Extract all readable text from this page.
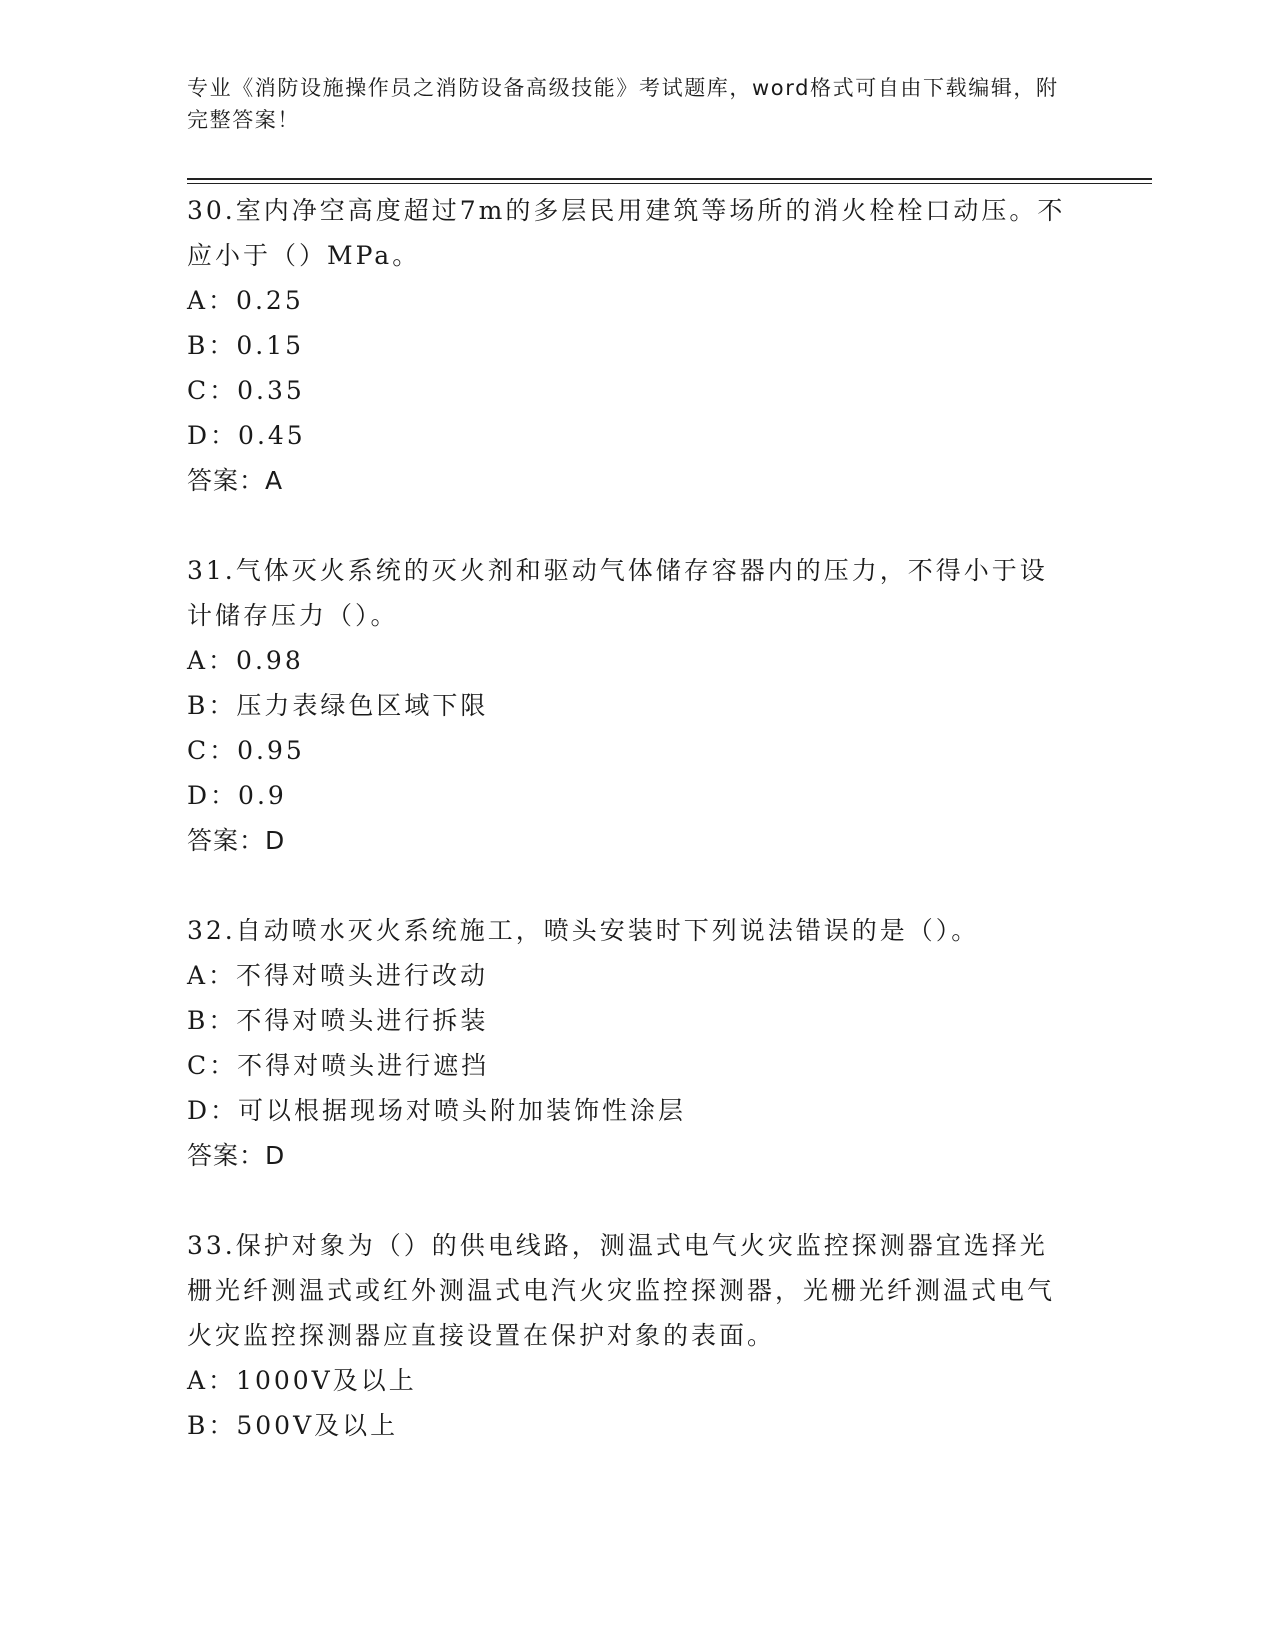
专业《消防设施操作员之消防设备高级技能》考试题库，word格式可自由下载编辑，附完整答案！

30.室内净空高度超过7m的多层民用建筑等场所的消火栓栓口动压。不应小于（）MPa。

A：0.25

B：0.15

C：0.35

D：0.45

答案：A

31.气体灭火系统的灭火剂和驱动气体储存容器内的压力，不得小于设计储存压力（）。

A：0.98

B：压力表绿色区域下限

C：0.95

D：0.9

答案：D

32.自动喷水灭火系统施工，喷头安装时下列说法错误的是（）。

A：不得对喷头进行改动

B：不得对喷头进行拆装

C：不得对喷头进行遮挡

D：可以根据现场对喷头附加装饰性涂层

答案：D

33.保护对象为（）的供电线路，测温式电气火灾监控探测器宜选择光栅光纤测温式或红外测温式电汽火灾监控探测器，光栅光纤测温式电气火灾监控探测器应直接设置在保护对象的表面。

A：1000V及以上

B：500V及以上
